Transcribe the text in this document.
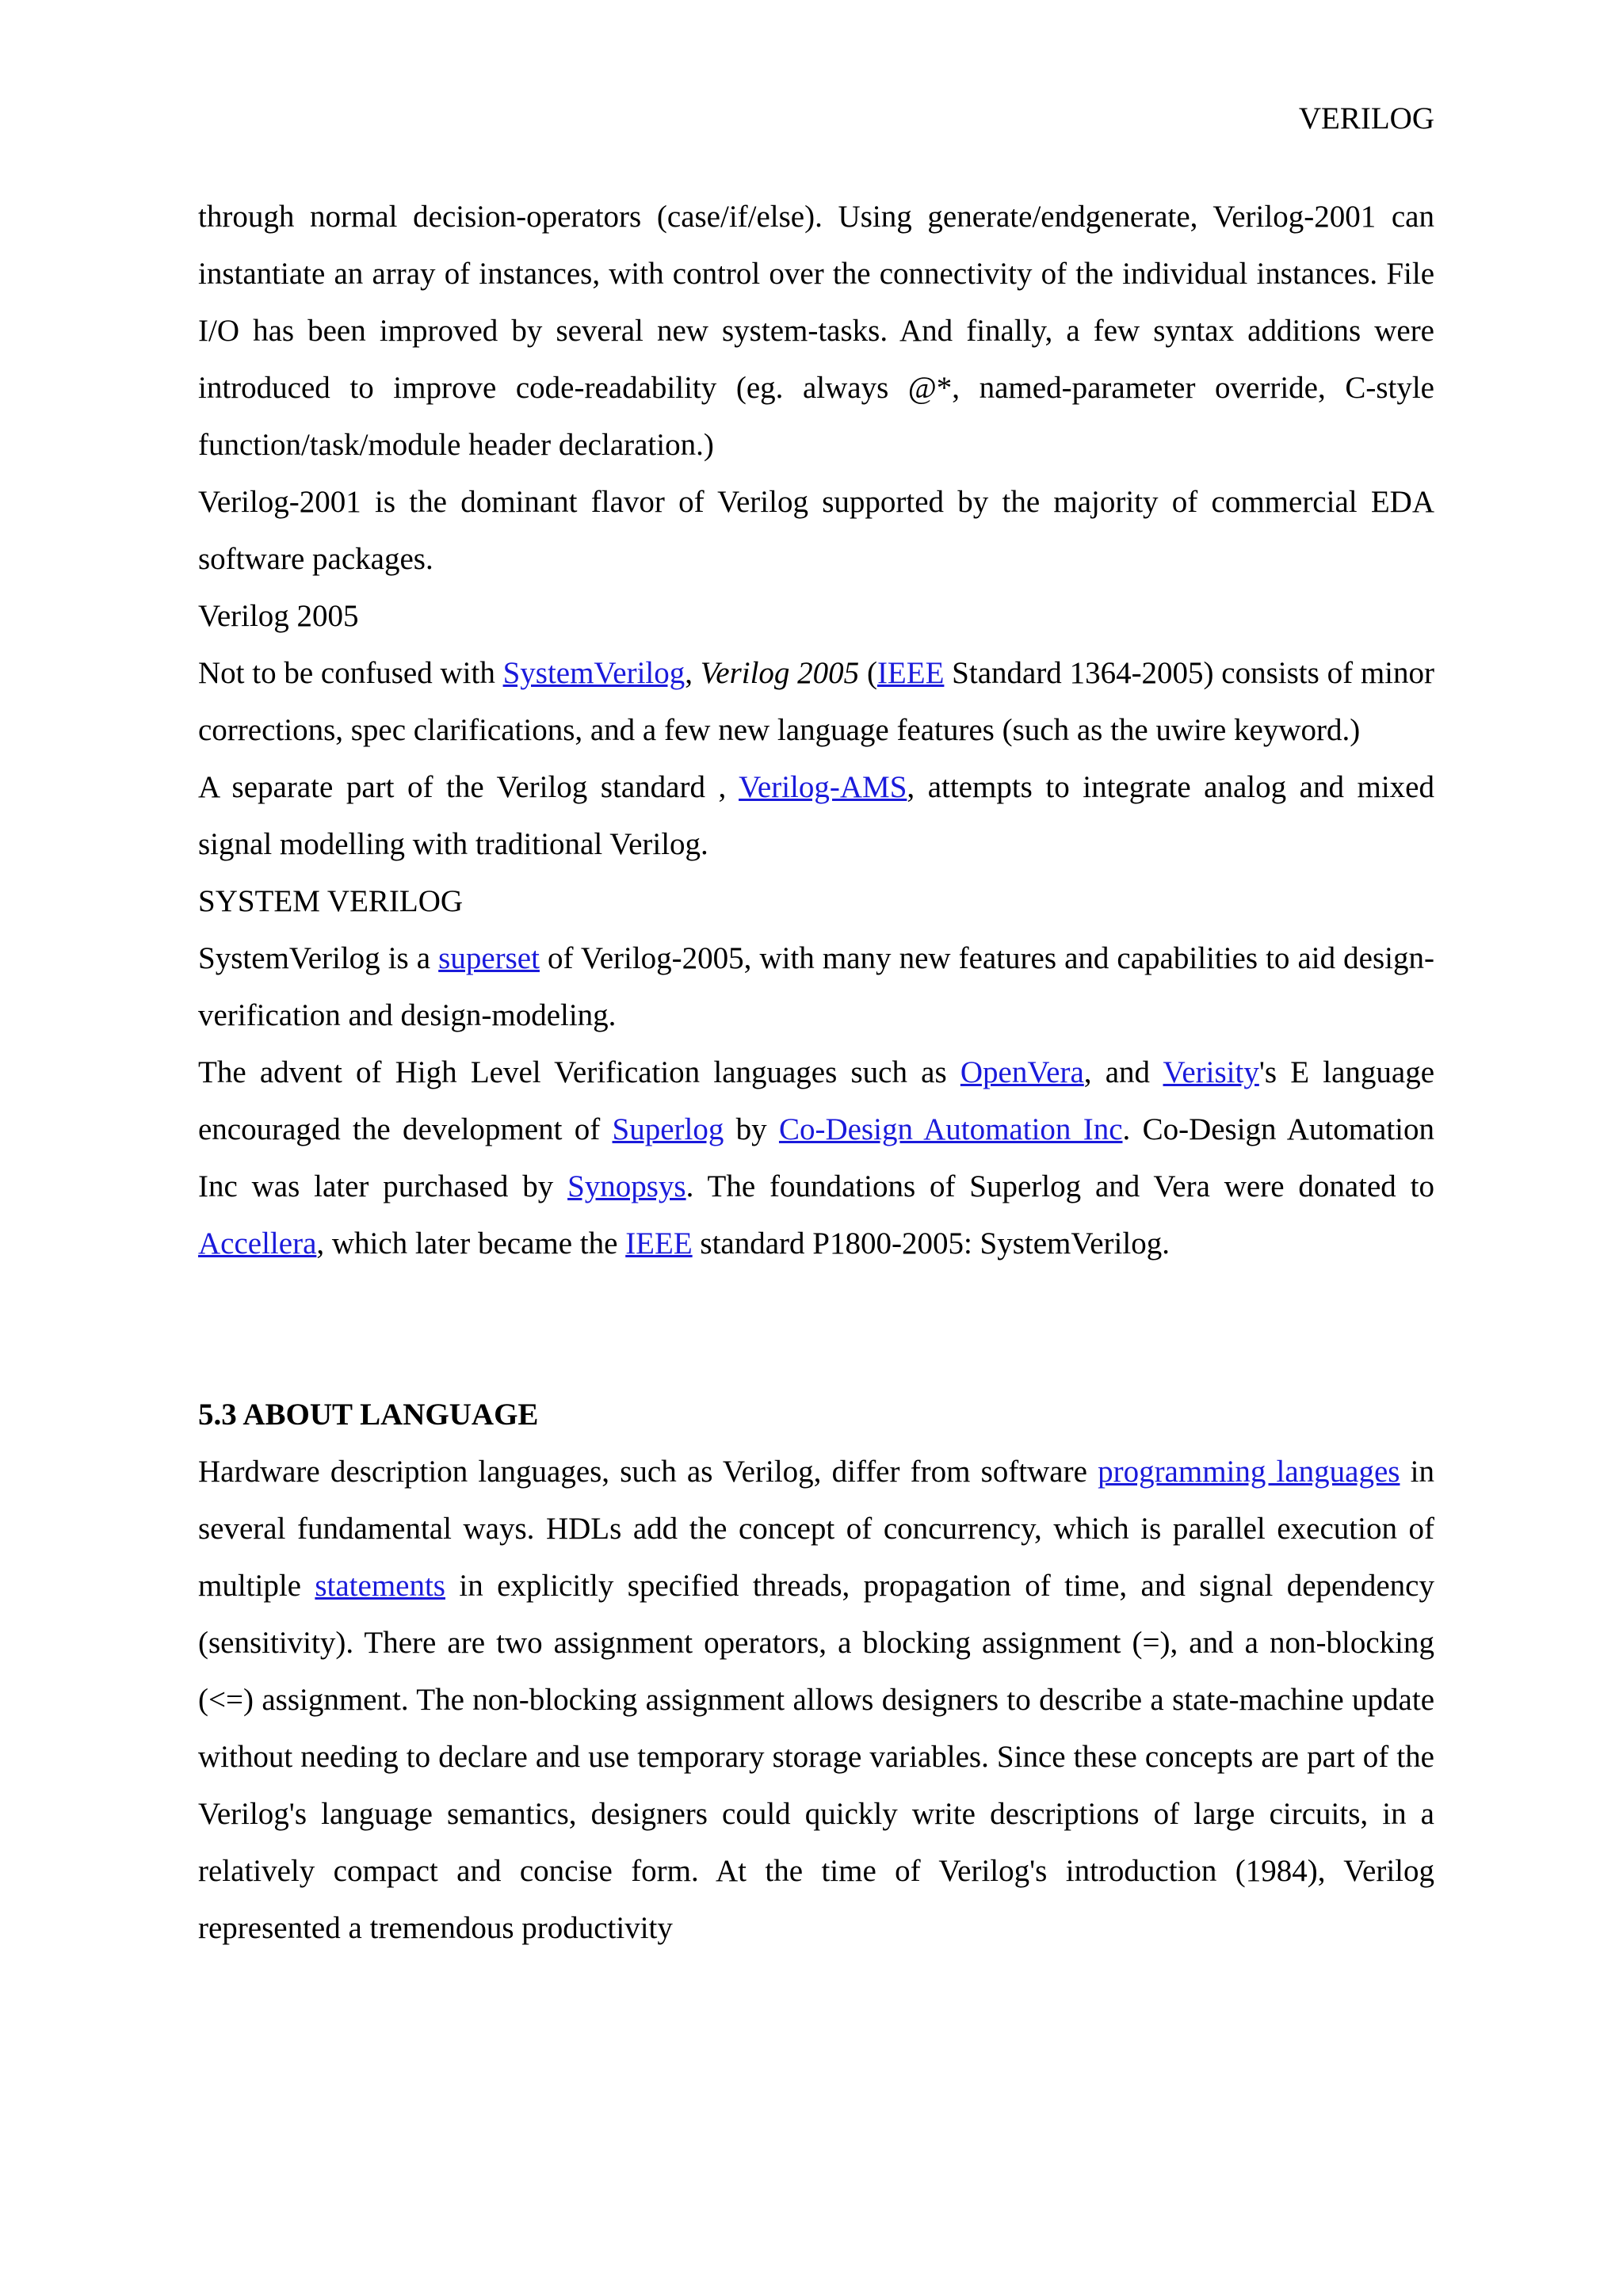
VERILOG

through normal decision-operators (case/if/else). Using generate/endgenerate, Verilog-2001 can instantiate an array of instances, with control over the connectivity of the individual instances. File I/O has been improved by several new system-tasks. And finally, a few syntax additions were introduced to improve code-readability (eg. always @*, named-parameter override, C-style function/task/module header declaration.)

Verilog-2001 is the dominant flavor of Verilog supported by the majority of commercial EDA software packages.

Verilog 2005

Not to be confused with SystemVerilog, Verilog 2005 (IEEE Standard 1364-2005) consists of minor corrections, spec clarifications, and a few new language features (such as the uwire keyword.)

A separate part of the Verilog standard , Verilog-AMS, attempts to integrate analog and mixed signal modelling with traditional Verilog.

SYSTEM VERILOG

SystemVerilog is a superset of Verilog-2005, with many new features and capabilities to aid design-verification and design-modeling.

The advent of High Level Verification languages such as OpenVera, and Verisity's E language encouraged the development of Superlog by Co-Design Automation Inc. Co-Design Automation Inc was later purchased by Synopsys. The foundations of Superlog and Vera were donated to Accellera, which later became the IEEE standard P1800-2005: SystemVerilog.

5.3 ABOUT LANGUAGE

Hardware description languages, such as Verilog, differ from software programming languages in several fundamental ways. HDLs add the concept of concurrency, which is parallel execution of multiple statements in explicitly specified threads, propagation of time, and signal dependency (sensitivity). There are two assignment operators, a blocking assignment (=), and a non-blocking (<=) assignment. The non-blocking assignment allows designers to describe a state-machine update without needing to declare and use temporary storage variables. Since these concepts are part of the Verilog's language semantics, designers could quickly write descriptions of large circuits, in a relatively compact and concise form. At the time of Verilog's introduction (1984), Verilog represented a tremendous productivity
